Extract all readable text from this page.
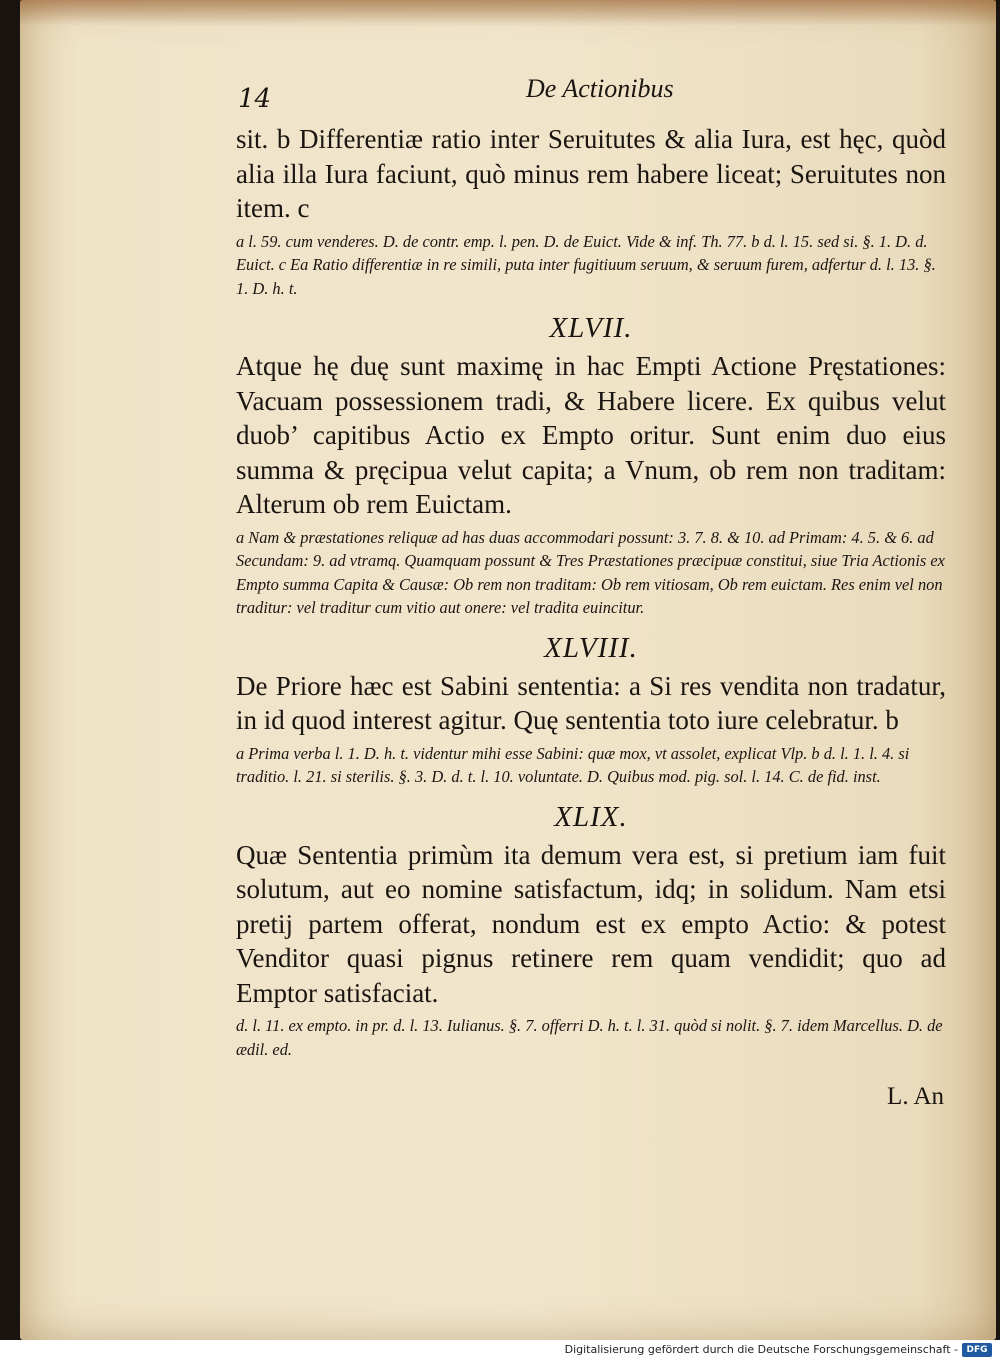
14	De Actionibus

sit. b Differentiæ ratio inter Seruitutes & alia Iura, est hęc, quòd alia illa Iura faciunt, quò minus rem habere liceat; Seruitutes non item. c

a l. 59. cum venderes. D. de contr. emp. l. pen. D. de Euict. Vide & inf. Th. 77. b d. l. 15. sed si. §. 1. D. d. Euict. c Ea Ratio differentiæ in re simili, puta inter fugitiuum seruum, & seruum furem, adfertur d. l. 13. §. 1. D. h. t.

XLVII.

Atque hę duę sunt maximę in hac Empti Actione Pręstationes: Vacuam possessionem tradi, & Habere licere. Ex quibus velut duob’ capitibus Actio ex Empto oritur. Sunt enim duo eius summa & pręcipua velut capita; a Vnum, ob rem non traditam: Alterum ob rem Euictam.

a Nam & præstationes reliquæ ad has duas accommodari possunt: 3. 7. 8. & 10. ad Primam: 4. 5. & 6. ad Secundam: 9. ad vtramq. Quamquam possunt & Tres Præstationes præcipuæ constitui, siue Tria Actionis ex Empto summa Capita & Causæ: Ob rem non traditam: Ob rem vitiosam, Ob rem euictam. Res enim vel non traditur: vel traditur cum vitio aut onere: vel tradita euincitur.

XLVIII.

De Priore hæc est Sabini sententia: a Si res vendita non tradatur, in id quod interest agitur. Quę sententia toto iure celebratur. b

a Prima verba l. 1. D. h. t. videntur mihi esse Sabini: quæ mox, vt assolet, explicat Vlp. b d. l. 1. l. 4. si traditio. l. 21. si sterilis. §. 3. D. d. t. l. 10. voluntate. D. Quibus mod. pig. sol. l. 14. C. de fid. inst.

XLIX.

Quæ Sententia primùm ita demum vera est, si pretium iam fuit solutum, aut eo nomine satisfactum, idq; in solidum. Nam etsi pretij partem offerat, nondum est ex empto Actio: & potest Venditor quasi pignus retinere rem quam vendidit; quo ad Emptor satisfaciat.

d. l. 11. ex empto. in pr. d. l. 13. Iulianus. §. 7. offerri D. h. t. l. 31. quòd si nolit. §. 7. idem Marcellus. D. de ædil. ed.

L. An
Digitalisierung gefördert durch die Deutsche Forschungsgemeinschaft - DFG
